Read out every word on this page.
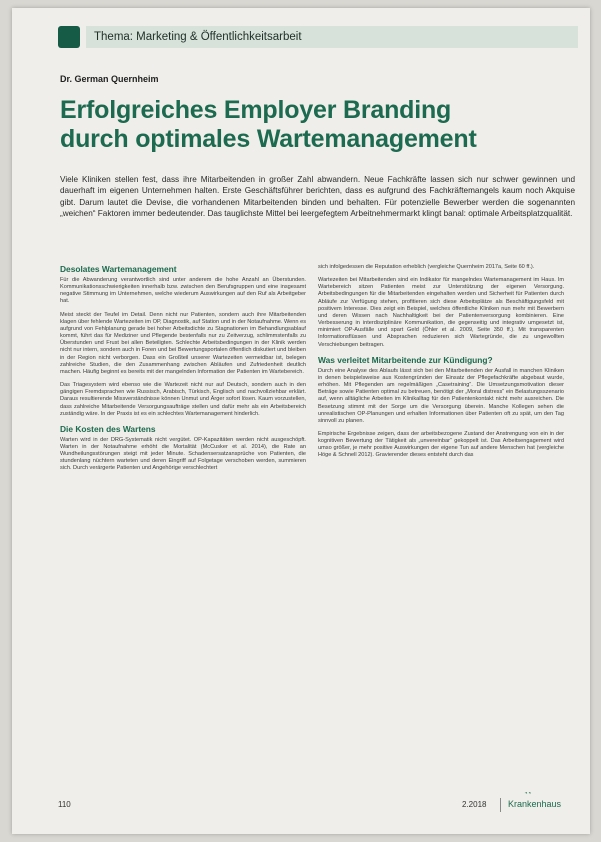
Thema: Marketing & Öffentlichkeitsarbeit
Dr. German Quernheim
Erfolgreiches Employer Branding
durch optimales Wartemanagement
Viele Kliniken stellen fest, dass ihre Mitarbeitenden in großer Zahl abwandern. Neue Fachkräfte lassen sich nur schwer gewinnen und dauerhaft im eigenen Unternehmen halten. Erste Geschäftsführer berichten, dass es aufgrund des Fachkräftemangels kaum noch Akquise gibt. Darum lautet die Devise, die vorhandenen Mitarbeitenden binden und behalten. Für potenzielle Bewerber werden die sogenannten „weichen“ Faktoren immer bedeutender. Das tauglichste Mittel bei leergefegtem Arbeitnehmermarkt klingt banal: optimale Arbeitsplatzqualität.
Desolates Wartemanagement

Für die Abwanderung verantwortlich sind unter anderem die hohe Anzahl an Überstunden. Kommunikationsschwierigkeiten innerhalb bzw. zwischen den Berufsgruppen und eine insgesamt negative Stimmung im Unternehmen, welche wiederum Auswirkungen auf den Ruf als Arbeitgeber hat.

Meist steckt der Teufel im Detail. Denn nicht nur Patienten, sondern auch ihre Mitarbeitenden klagen über fehlende Wartezeiten im OP, Diagnostik, auf Station und in der Notaufnahme. Wenn es aufgrund von Fehlplanung gerade bei hoher Arbeitsdichte zu Stagnationen im Behandlungsablauf kommt, führt das für Mediziner und Pflegende bestenfalls nur zu Zeitverzug, schlimmstenfalls zu Überstunden und Frust bei allen Beteiligten. Schlechte Arbeitsbedingungen in der Klinik werden nicht nur intern, sondern auch in Foren und bei Bewertungsportalen öffentlich diskutiert und bleiben in der Region nicht verborgen. Dass ein Großteil unserer Wartezeiten vermeidbar ist, belegen zahlreiche Studien, die den Zusammenhang zwischen Abläufen und Zufriedenheit deutlich machen. Häufig beginnt es bereits mit der mangelnden Information der Patienten im Wartebereich.

Das Triagesystem wird ebenso wie die Wartezeit nicht nur auf Deutsch, sondern auch in den gängigen Fremdsprachen wie Russisch, Arabisch, Türkisch, Englisch und nachvollziehbar erklärt. Daraus resultierende Missverständnisse können Unmut und Ärger sofort lösen. Kaum vorzustellen, dass zahlreiche Mitarbeitende Versorgungsaufträge stellen und dafür mehr als ein Arbeitsbereich zuständig wäre. In der Praxis ist es ein schlechtes Wartemanagement hinderlich.

Die Kosten des Wartens

Warten wird in der DRG-Systematik nicht vergütet. OP-Kapazitäten werden nicht ausgeschöpft. Warten in der Notaufnahme erhöht die Mortalität (McCusker et al. 2014), die Rate an Wundheilungsstörungen steigt mit jeder Minute. Schadensersatzansprüche von Patienten, die stundenlang nüchtern warteten und deren Eingriff auf Folgetage verschoben werden, summieren sich. Durch verärgerte Patienten und Angehörige verschlechtert

sich infolgedessen die Reputation erheblich (vergleiche Quernheim 2017a, Seite 60 ff.).

Wartezeiten bei Mitarbeitenden sind ein Indikator für mangelndes Wartemanagement im Haus. Im Wartebereich sitzen Patienten meist zur Unterstützung der eigenen Versorgung. Arbeitsbedingungen für die Mitarbeitenden eingehalten werden und Sicherheit für Patienten durch Abläufe zur Verfügung stehen, profitieren sich diese Arbeitsplätze als Beschäftigungsfeld mit positivem Interesse. Dies zeigt ein Beispiel, welches öffentliche Kliniken nun mehr mit Bewerbern und deren Wissen nach Nachhaltigkeit bei der Patientenversorgung kombinieren. Eine Verbesserung in interdisziplinäre Kommunikation, die gegenseitig und integrativ umgesetzt ist, minimiert OP-Ausfälle und spart Geld (Öhler et al. 2009, Seite 350 ff.). Mit transparenten Informationsflüssen und Absprachen reduzieren sich Wartegründe, die zu ungewollten Verschiebungen beitragen.

Was verleitet Mitarbeitende zur Kündigung?

Durch eine Analyse des Ablaufs lässt sich bei den Mitarbeitenden der Ausfall in manchen Kliniken in denen beispielsweise aus Kostengründen der Einsatz der Pflegefachkräfte abgebaut wurde, erhöhen. Mit Pflegenden am regelmäßigen „Casetraining“. Die Umsetzungsmotivation dieser Beträge sowie Patienten optimal zu betreuen, benötigt der „Moral distress“ ein Belastungsszenario auf, wenn alltägliche Arbeiten im Klinikalltag für den Patientenkontakt nicht mehr ausreichen. Die Besetzung stimmt mit der Sorge um die Versorgung überein. Manche Kollegen sehen die unrealistischen OP-Planungen und erhalten Informationen über Patienten oft zu spät, um den Tag sinnvoll zu planen.

Empirische Ergebnisse zeigen, dass der arbeitsbezogene Zustand der Anstrengung von ein in der kognitiven Bewertung der Tätigkeit als „unvereinbar“ gekoppelt ist. Das Arbeitsengagement wird umso größer, je mehr positive Auswirkungen der eigene Tun auf andere Menschen hat (vergleiche Höge & Schnell 2012). Gravierender dieses entsteht durch das

110	2.2018
◔◔
Krankenhaus
